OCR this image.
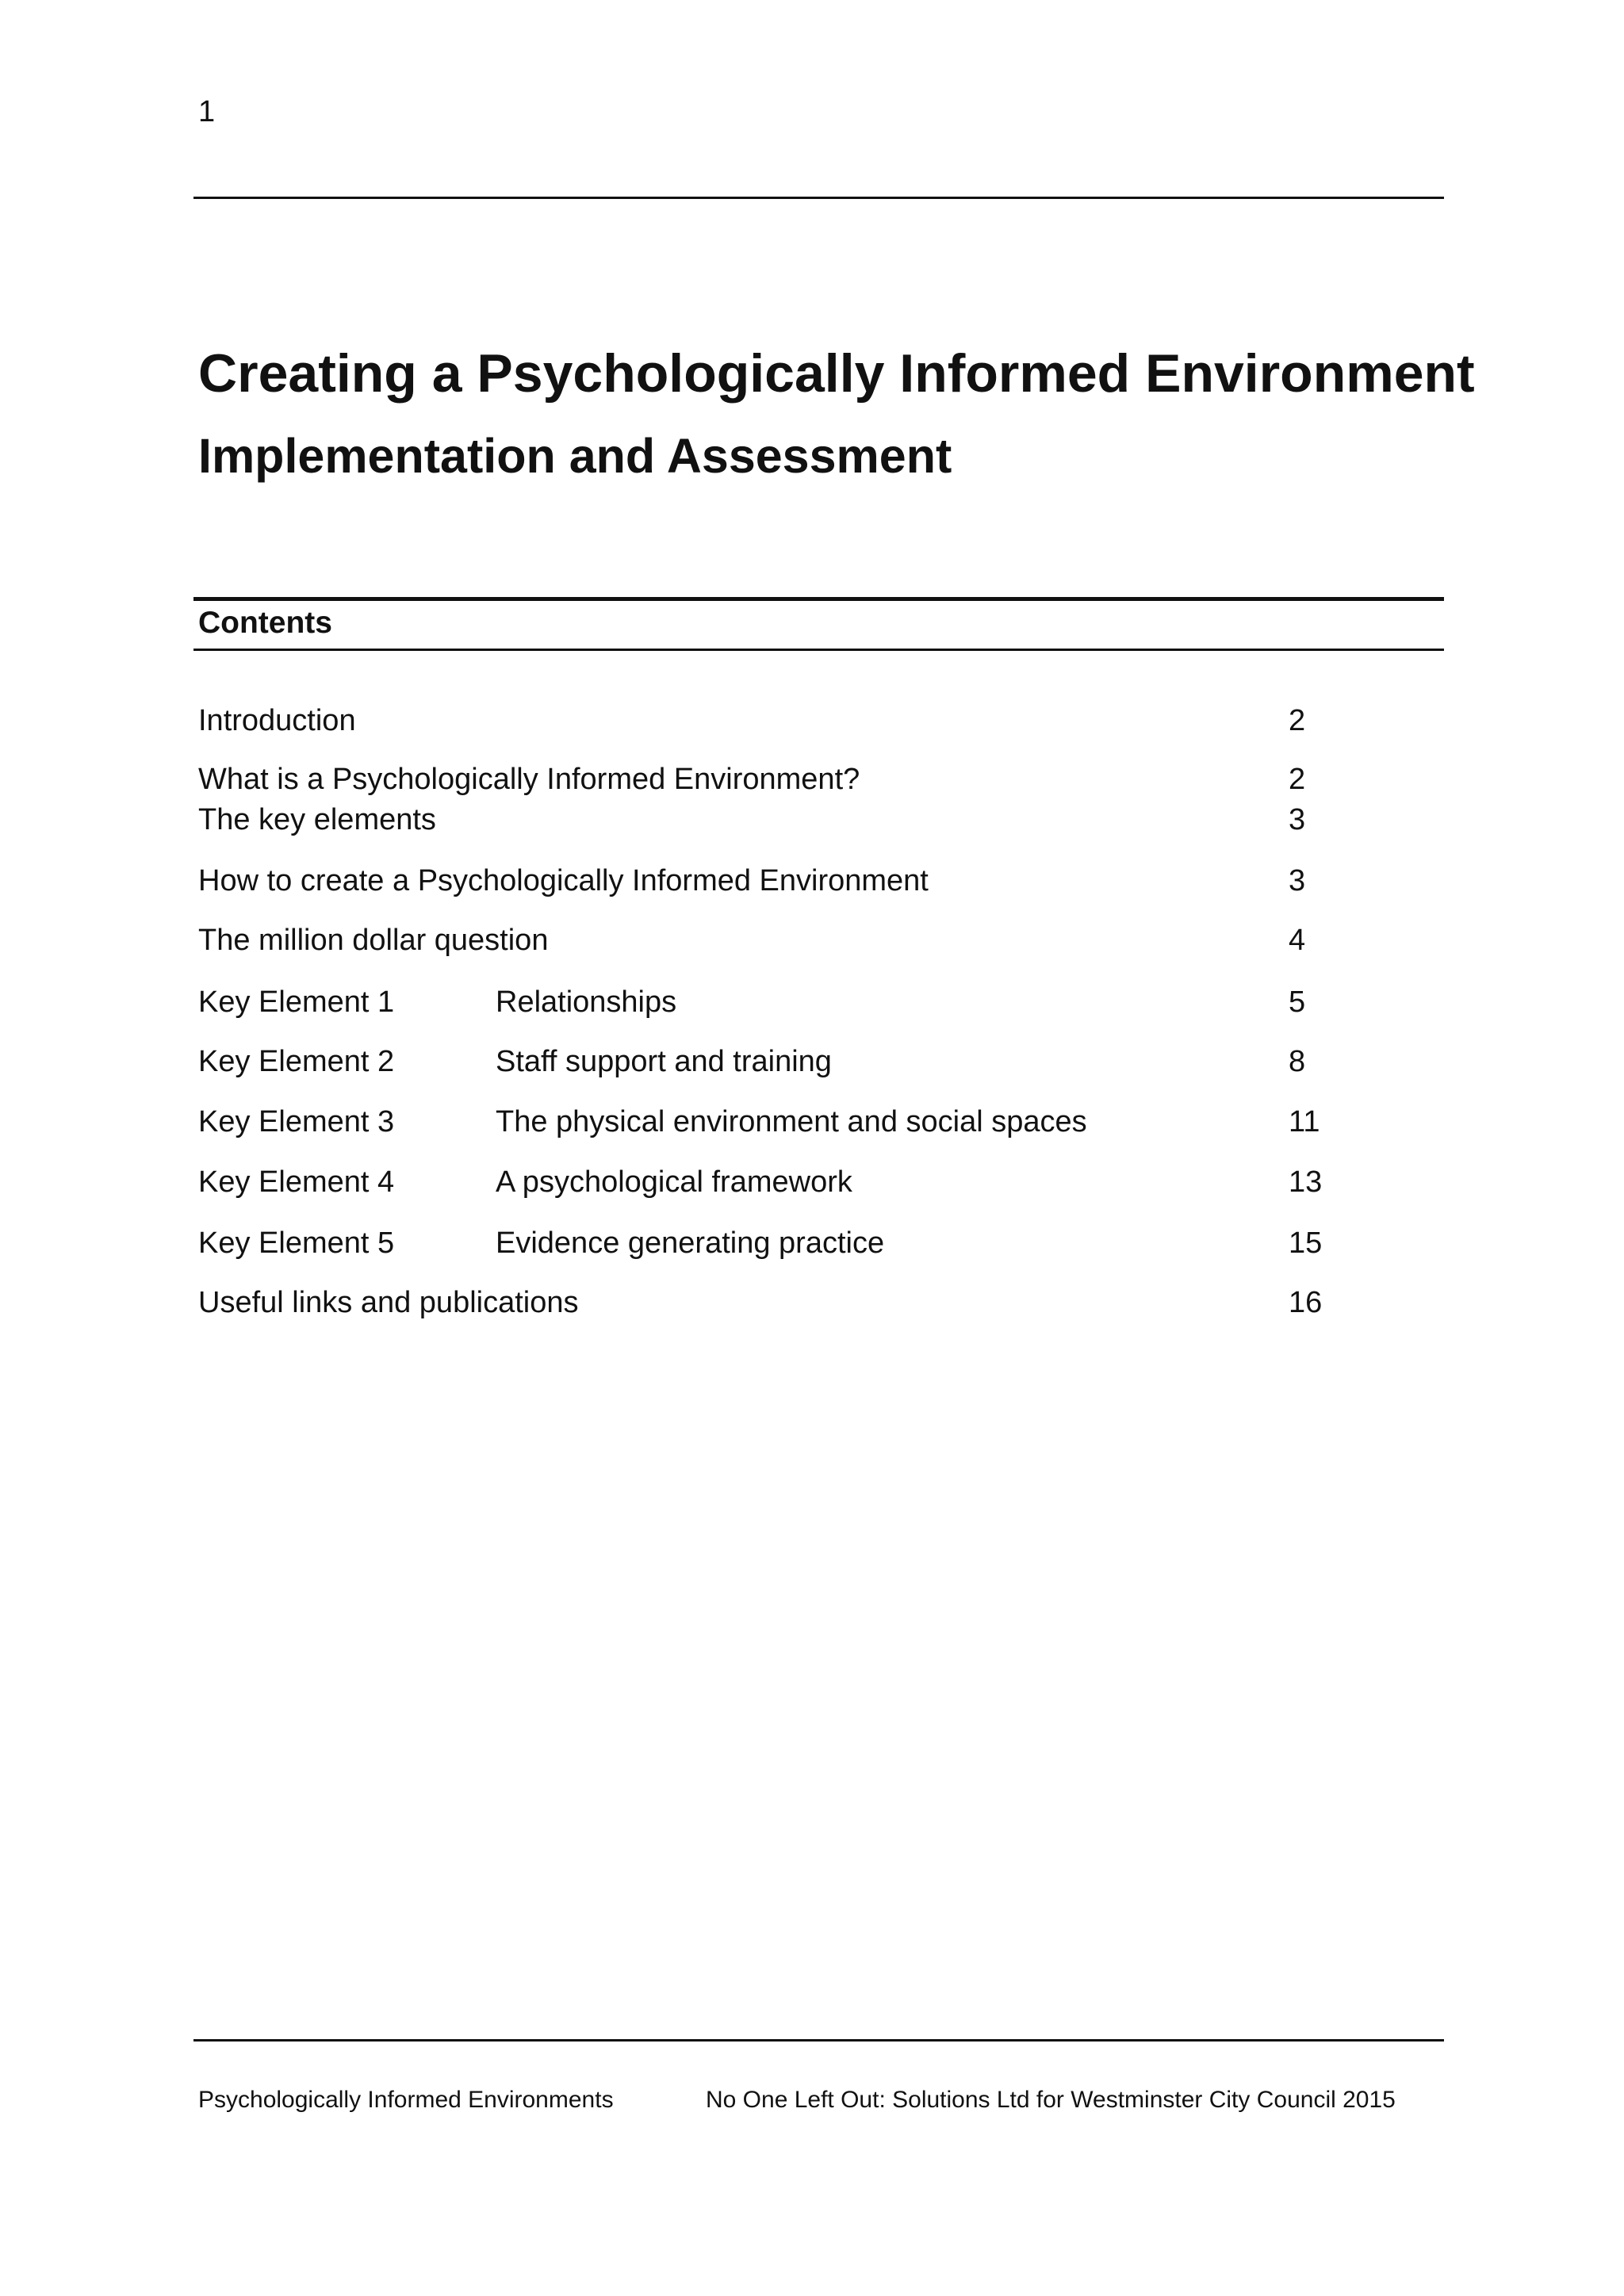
1
Creating a Psychologically Informed Environment
Implementation and Assessment
Contents
Introduction	2
What is a Psychologically Informed Environment?	2
The key elements	3
How to create a Psychologically Informed Environment	3
The million dollar question	4
Key Element 1	Relationships	5
Key Element 2	Staff support and training	8
Key Element 3	The physical environment and social spaces	11
Key Element 4	A psychological framework	13
Key Element 5	Evidence generating practice	15
Useful links and publications	16
Psychologically Informed Environments	No One Left Out: Solutions Ltd for Westminster City Council 2015
